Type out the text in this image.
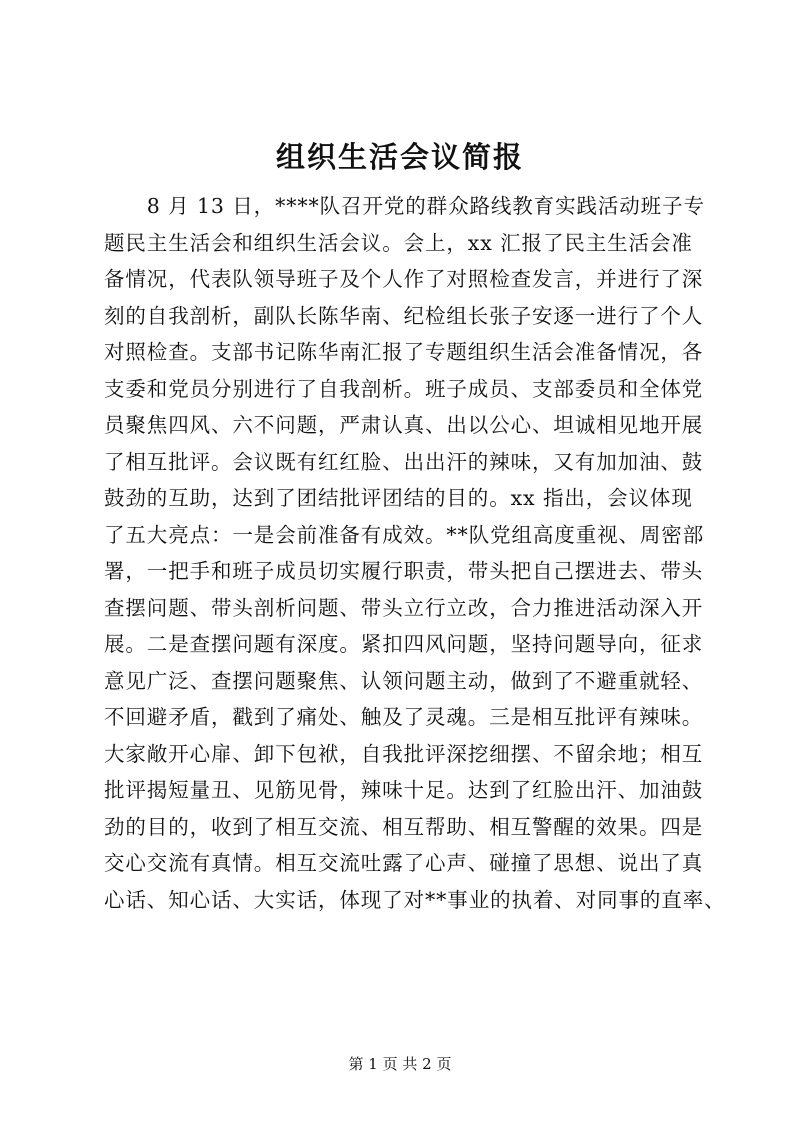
组织生活会议简报
　　8 月 13 日，****队召开党的群众路线教育实践活动班子专
题民主生活会和组织生活会议。会上，xx 汇报了民主生活会准
备情况，代表队领导班子及个人作了对照检查发言，并进行了深
刻的自我剖析，副队长陈华南、纪检组长张子安逐一进行了个人
对照检查。支部书记陈华南汇报了专题组织生活会准备情况，各
支委和党员分别进行了自我剖析。班子成员、支部委员和全体党
员聚焦四风、六不问题，严肃认真、出以公心、坦诚相见地开展
了相互批评。会议既有红红脸、出出汗的辣味，又有加加油、鼓
鼓劲的互助，达到了团结批评团结的目的。xx 指出，会议体现
了五大亮点：一是会前准备有成效。**队党组高度重视、周密部
署，一把手和班子成员切实履行职责，带头把自己摆进去、带头
查摆问题、带头剖析问题、带头立行立改，合力推进活动深入开
展。二是查摆问题有深度。紧扣四风问题，坚持问题导向，征求
意见广泛、查摆问题聚焦、认领问题主动，做到了不避重就轻、
不回避矛盾，戳到了痛处、触及了灵魂。三是相互批评有辣味。
大家敞开心扉、卸下包袱，自我批评深挖细摆、不留余地；相互
批评揭短量丑、见筋见骨，辣味十足。达到了红脸出汗、加油鼓
劲的目的，收到了相互交流、相互帮助、相互警醒的效果。四是
交心交流有真情。相互交流吐露了心声、碰撞了思想、说出了真
心话、知心话、大实话，体现了对**事业的执着、对同事的直率、
第 1 页 共 2 页
